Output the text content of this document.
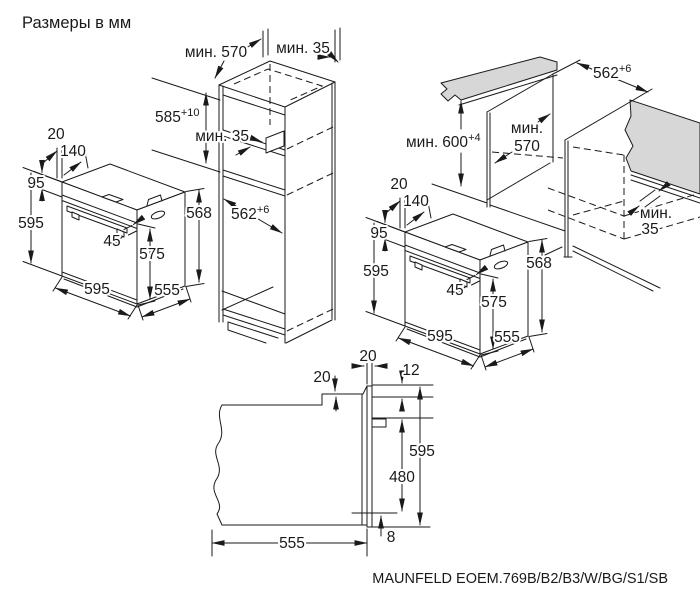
Размеры в мм
мин. 570 мин. 35
$585^{+10}$
мин. 35
$562^{+6}$
$562^{+6}$
мин. $600^{+4}$
мин.
570
мин.
35
20
140
95
595
45
575
568
595	555
20
140
95
595
45
575
568
595	555
20
20
12
595
480
8
555
MAUNFELD EOEM.769B/B2/B3/W/BG/S1/SB
